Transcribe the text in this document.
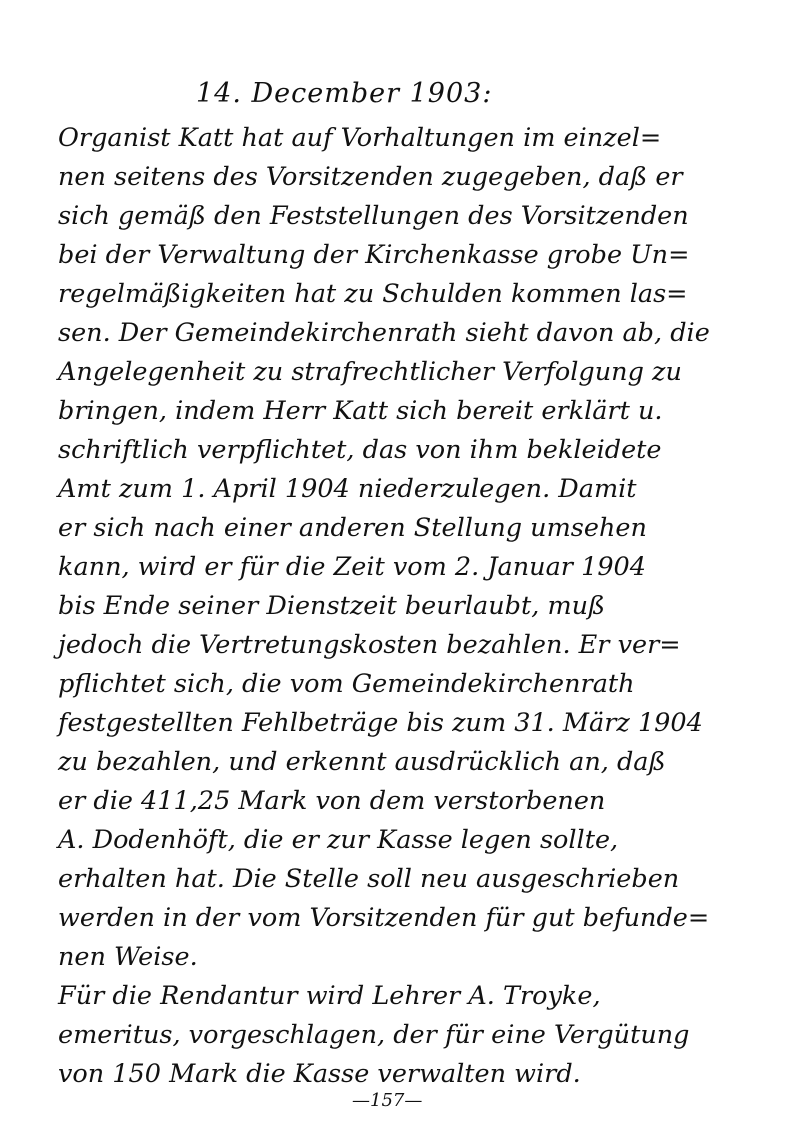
14. December 1903:
Organist Katt hat auf Vorhaltungen im einzel=
nen seitens des Vorsitzenden zugegeben, daß er
sich gemäß den Feststellungen des Vorsitzenden
bei der Verwaltung der Kirchenkasse grobe Un=
regelmäßigkeiten hat zu Schulden kommen las=
sen. Der Gemeindekirchenrath sieht davon ab, die
Angelegenheit zu strafrechtlicher Verfolgung zu
bringen, indem Herr Katt sich bereit erklärt u.
schriftlich verpflichtet, das von ihm bekleidete
Amt zum 1. April 1904 niederzulegen. Damit
er sich nach einer anderen Stellung umsehen
kann, wird er für die Zeit vom 2. Januar 1904
bis Ende seiner Dienstzeit beurlaubt, muß
jedoch die Vertretungskosten bezahlen. Er ver=
pflichtet sich, die vom Gemeindekirchenrath
festgestellten Fehlbeträge bis zum 31. März 1904
zu bezahlen, und erkennt ausdrücklich an, daß
er die 411,25 Mark von dem verstorbenen
A. Dodenhöft, die er zur Kasse legen sollte,
erhalten hat. Die Stelle soll neu ausgeschrieben
werden in der vom Vorsitzenden für gut befunde=
nen Weise.
Für die Rendantur wird Lehrer A. Troyke,
emeritus, vorgeschlagen, der für eine Vergütung
von 150 Mark die Kasse verwalten wird.
—157—
